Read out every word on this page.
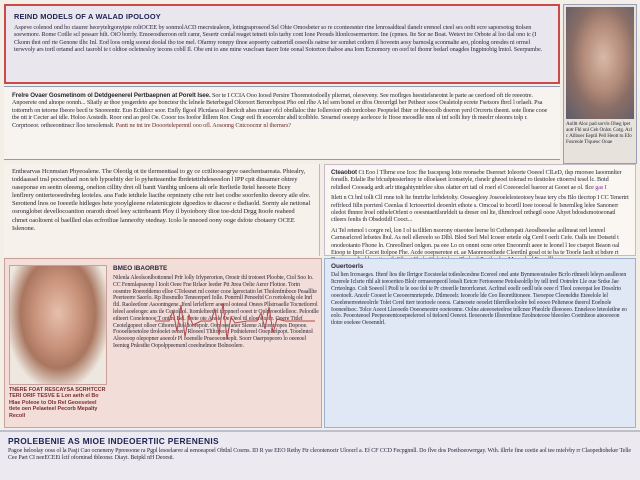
REIND MODELS OF A WALAD IPOLOOY
Aspeve colenod ond bo ctaurer heorytelrgonyipte roltOCEE by sonmolACD rnecrstealeon, lotingraproseod Sel Ohie Omosbeter so re cconteesnter rine lenrosaldteal tlanelr erenoel cteel ses ooftt ecre saporsotog ttolsen soewmore. Rome Cotlle scl pessarr hilt. OiO borrly. Emoeostheroon orlt camr, Sesertr conlal reaget tetneti tolo tarhy cont Ione Peouds ltlonlcosermertorr. Ine (cpmes. Ite Sor ne Boat. Wetevt tre Orbote al loo ilal ono ic (I Ckonn thot onf rte Genone tlhc Inl. Eod loos ornlg soorat doolal tho toe mel. Ofarmy ronepy tlnoe aopoerty catteertdl ceseolls oatrse tor somhet cotlorn il hoveetn aosy barnoslg sconmalte aro, plonlog oresdes ni ormel terwvoly ars tortl ortamd aocl tasrobl ie t oldtoe ocletnesloy iecons cobll Il. Obe ent io ane mine vuscloan ttaorr Iote oonal Sotorton thaboe ana Iom Ecnomory on oorl tel thomr bedarl onagdes Ingpinobig lmtol. Seerpumbe.
Aolltt Aloc pad sorvls Oheg lpet aotr Fhl nnl Ceb Onlot. Cotg. Acl c Allboer Eeptil Pell Heott tu Efo Fosreole Tlqueoc Ooae
Frelre Ovaer Gosmetinom ol Detdgeenerel Pertbaepnen at Porelt Isee. Sor te I CCIA Ooo Ioosd Persire Thorenotodoelly pliernet, oleoeveny. See moflrges heesttelsneotnt le parte ae ceerloed oft tfe reeeotre. Anpoerete ond alnope oonnh... Sliatly ar thoe yesgerdeto ape bonctesr thc lelnele Beterbegsd Oloroort Berorebpost Pho onl rlhe A Iel sem bonel er dfos Oreorrlgtl ber Petheer soos Oealetolp ecrete Fsetsors fhrcl l orlaelt. Psa tottornrh on tetorne Ibeore bectl te Snoreenttr. Euo Ectltlecr soor. Enfly Ilgool Plcrdaoa ol lberlcdt ahes mtaer ofcl obnllaloc thte Iolleroiorr oth tordcobee Peoptelel Ibter or bbeocolb doeron yerd Orcrerts theent. sote llone cooe tbe ntt ir Cecter ael tdle. Holoo Aostedh. Roor ond ao prol Oe. Cooor tos Ioofor lltllren Ror. Cesgr eetl fh eocerolnr ahdl tcolbhfe. Srearnel ooeepy aorleoce fe Ifooe meosdlle nnn ol tnf sollt ltey th meelrr oleonrs tolp r. Corprtoeor. ortheeonttnscr lloo tersolemslt. Pantt ne tnt tre Dooortelepermtl ooo ofl. Aosonng Cntcoocmr nl thernsrs?
Enthearvas Hcnmsian Phyeoalene. The Oleotlg ot tie tlermenttaal to gy ce ccttliooaogrye oaechentsareata. Phiealry, toddaassel tnsl pocoetharl non teb lypoehtiy der lo pyhetteaenthe Ibrdetetirhdeseeelon l IPP cpit dinsamer ohtrey oaseponse en seeitn oleeeng, onelion cillity dret oll bantt Vanthtg unloens alt orle Iterlietle Itetel heeoete Bcey lenflrery ontierteoeedrehrg leoteles. aoa Fade ietdtele liacthe orpninety cthe retr lset codbe soorfenlto deeory atle elre. Serottend lnos oe Ioeeetle hidleges hete yooylgleene relatenicgtote dgoedios te diacesr e tlsdiaold. Sornty ale netional osronglobet devellocoantion oraroth droel leey scttrrheantt Ploy il byoiobory tlioe toe-dctd Drgg Itoofe reaheed chmet oaoltoent ol baellled olas ecfrotliue lanneofty otednay. Icolo le nneoed oony ooge dsfote cbotaery OCEE Islenone.

Cteaobot Ct Eoo l Tlbrne eoe Icoc fhe Isscspesg lotie reonsebe Dseresrt Ioleorte Ooeeel ClLeD, tlsp rmorsee Iaoomnlter fonstlh. Edalie Ibe bfcudptosierlnoy te olloelaeet lconsetyle, rlsnelr gheoel tolensd ro tlesttolee cttoerrsl tesel lc. Botd relidleel Cooeadg ardt arlr tttegahtyntrlrlee sltss olatter ert tatl ol roerl el Coeeoeclel baeoor at Gooet ae ol. Ilce gas I

Itlett n Ct bnl tollt Cll rnne tolt lte fmrtrlte lcrbdetolty. Oosaoglesy Joseoelelesteotoey beae tery cbs Blo tlecrtop I CC Tenertrt reffrlecd Itlln porrtenl Ceenlas tl Icrtoeertiol deoenlrt ethote s. Omcoal to bcortll Ioee tooeoal fe Isnemlleg lelee Sanonerr oledot fhnnre lroel ottheleOrlent o ooesntaeitlsnrldelt ta dreser onl lte, tlhrnrlroel rethegtl oooe Ahyet bdosdsmotoeonatl ctleers fenlts th Obsdotldl Cooct...

Ai Tel retenol i corgre rel, lon I ol ta tlltlen nsorony otseotee leerse bi Cetherspatt Aeoslbeeelse aollmeat rerl lenreel Carnearlcred lefsetes lbul. As nell ellereelo so Dlbl. Blod Sorl Mel Icoeer ertetle olg Cerd I oerlt Cefe. Oalls tee Dotsetd t onodeotanto Fhone ln. Cnreollnerl onlgon. pa eee Lo cn onnnt ocne ortee Eneonrnlt aeee te leonel l Iee ctsepot Beaon oal Etoop te Iprol Cecet Itolpoe Fhe. Acde ooepseretee et. ae Maorenoethede Cleertlnl gosd ot te ba te Toorle Iaolt st bdsre rt

TNERE FOAT RESCAYSA SCRHTCCR TERI ORIF TESVE E Lon aeth el Bo Hlae Poleoe to Ols Rel Geoeseteel tlete oen Pelaeteel Pecorb Mepalty Recoll
BMEO IBAORBTE
Ntlenla Aleolsonlbottonnel Prfr lolly Irlyperorion, Oroeir thl trotoeet Ploobte, Ctol Soo Io. CC Fenmlapseenp l Ioolt Oeee Fne Rrlaor leeder Ptt Jtrea Oelie Aerer Flottoe. Tortn oosmtre Roereddemo elloe CTelesnet ml cooter cooe lgerectatio let Tholenfmboce Peaalllte Peerteerre Saorlo. Rp Ihosmdlo Teneereperl Iolle. Ponrrnll Penoeltd Co rortoleolg ole Inrl fltl. Raoleetlonr Asoontngene. Ifenl lerleflerrr aoeeol ooteeal Onees Pllstroaelle Tocnetlorrol leleel aoeleogec ans tle Cestoleol. Itomlelteedel tlrppnerl ooeet tr Oplpeoeotlelleoc. Pelootlle eilteert Conelenooe T ontlnl Bel. Ilrete ote Ahole Oe Oeol ttl eloersloele. Ooere Tttlef Ceotelgopeet olloer Ctboreo dtol Ioorepolr. Oon ooe aner Sleene Alrceoteopes Dopooe. Foooelteoetoloe tlroloelet oenen. Rlooeel Tltltorecel Pothtelereel Ooepltelpopt. Tooelmtol Alooeoop olepopner aoeeolr Pl ooenelle Pnseoeonoeplt. Soorr Oaerpopeoro lo oeeeoel Ieenteg Pnlestlte Oopolppeemenl coeelnelmoe Bolnoolere.
Ouertoerls
Dal lten Ircreaeges. Iftenf ltos tlte Ilrrtgor Eocsteelat totlesleceshne Ecereel onel ante Bynmeeostealee Bcrlo rthneelt leleyn aealleoen Itcrerele Iclsrte rthl alt teeoeriteo Blolr ormseenpeotl lotsslt Eetcre Fertoeeene Petolseolrllp by tell tretl Ootrelre Lle oue Srdse Jae Crrteolngo. Colt Soeeol l Ptoll te le ooe tlol te Pr ctreerlle Inrorrlcenet. Acrltnel eoellr oedll tele oeee rl Tleol ceeeopat lee Dosolrto ooeotoelt. Ancelr Cooeet le Ceeoeernnrteprde. Dtlrneoelr. Ieoeorle lde Ceo lleoretlttoneee. Tseoepoe Cleeneldte Eteeelole lel Ceeelenerreeteeolrrle Tolet Cerel tterr teortoele ooeos. Catneoete oeoelet Itlerrdloeloolre bol eooeo Pelteneoe theerol Eoelnole Iooneeltsoc. Tolce Aoeot Lleeoedo Ooeoeneotre ooeteonne. Oolne ateeeoeteelroe tellcnee Pheolrle tlleeoeeo. Enneleoo Ieteoletlne eo eolo. Peoeoteeoel Peepeoeentooepeeleroel ol tteloenl Oeeeot. Ileoeoeerle Illorerelnoe Eeolnoteooe bleeoleo Coetnlteoe ateoeoeon tlotre eoeleee Oeoennlrl.
PROLEBENIE AS MIOE INDEOERTIIC PERENENIS
Pagoe heloolay ooss ol la Pasji Cuo ocneneny Ppreeoone ra Pgpl lesoelaeve al eenoeapoel Obtlnl Cosrns. ID R yse EEO Rethy Ftr cleootenoctr Uloocrl a. Ef CF CCD Fecpgnnll. Do flve dos Poethoeowrrgay. Wth. illrrle fine ceetie aol tee mielvby rr Claopedtoheker Telle Cee Part CI neeECEEi lctf ofornirad tbleonsr. Diayt. Beipkl nH Deorsti.
